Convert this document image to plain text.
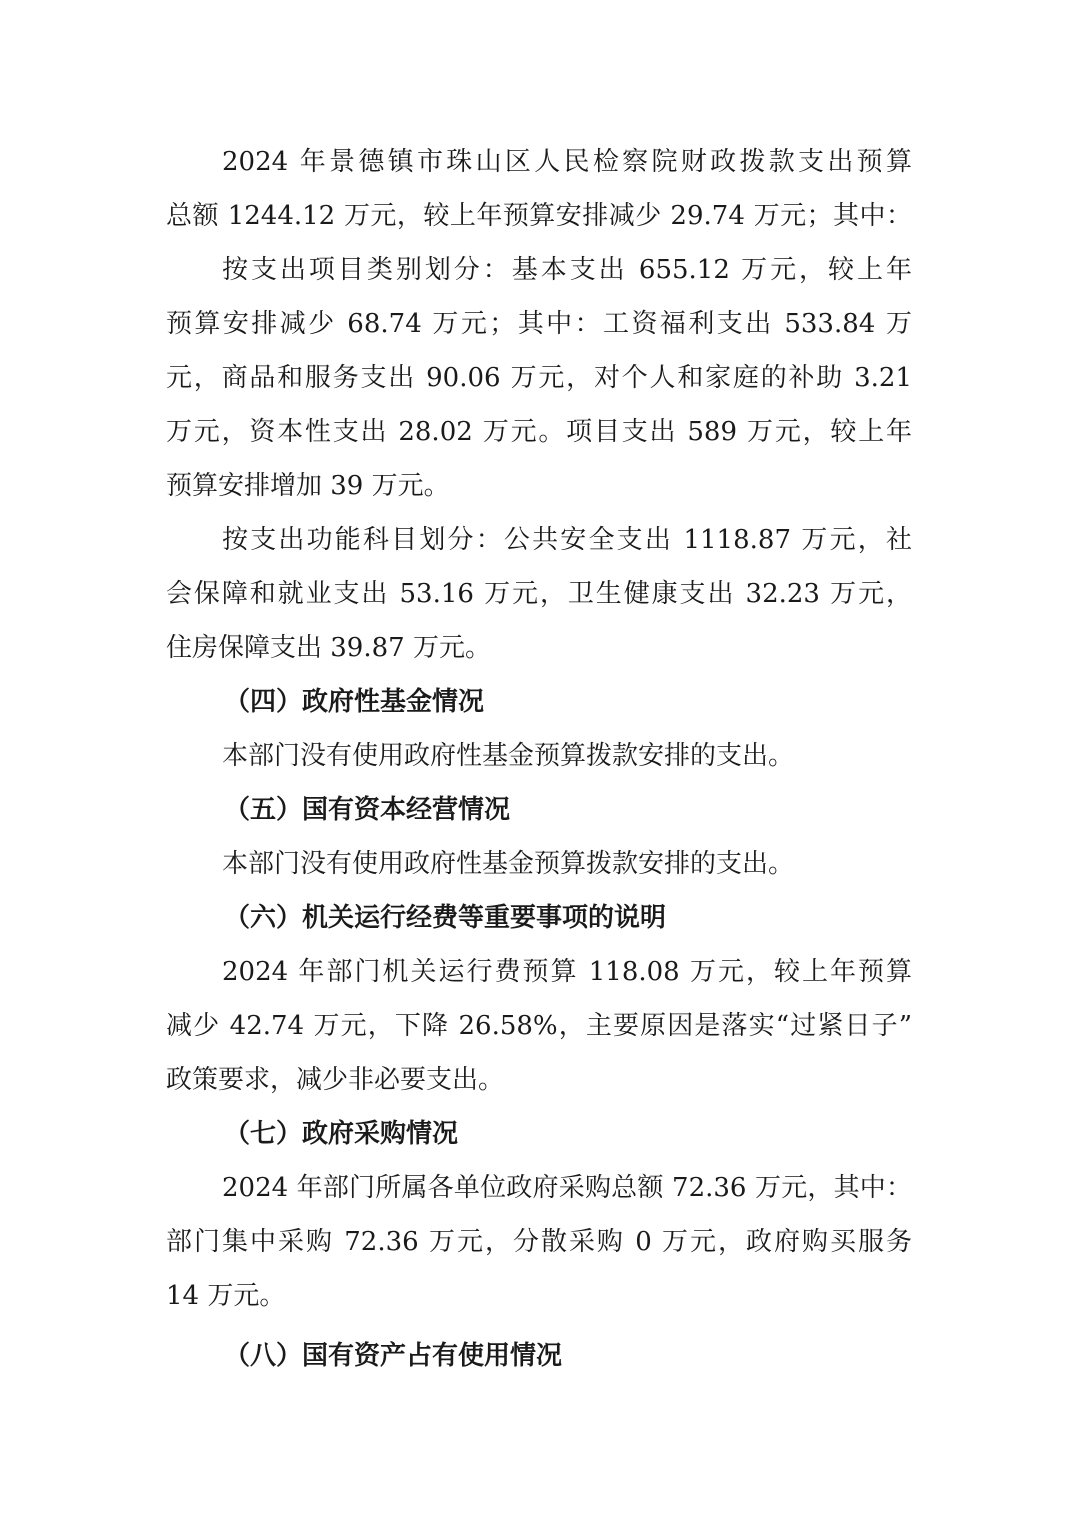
2024 年景德镇市珠山区人民检察院财政拨款支出预算
总额 1244.12 万元，较上年预算安排减少 29.74 万元；其中：
按支出项目类别划分：基本支出 655.12 万元，较上年
预算安排减少 68.74 万元；其中：工资福利支出 533.84 万
元，商品和服务支出 90.06 万元，对个人和家庭的补助 3.21
万元，资本性支出 28.02 万元。项目支出 589 万元，较上年
预算安排增加 39 万元。
按支出功能科目划分：公共安全支出 1118.87 万元，社
会保障和就业支出 53.16 万元，卫生健康支出 32.23 万元，
住房保障支出 39.87 万元。
（四）政府性基金情况
本部门没有使用政府性基金预算拨款安排的支出。
（五）国有资本经营情况
本部门没有使用政府性基金预算拨款安排的支出。
（六）机关运行经费等重要事项的说明
2024 年部门机关运行费预算 118.08 万元，较上年预算
减少 42.74 万元，下降 26.58%，主要原因是落实“过紧日子”
政策要求，减少非必要支出。
（七）政府采购情况
2024 年部门所属各单位政府采购总额 72.36 万元，其中：
部门集中采购 72.36 万元，分散采购 0 万元，政府购买服务
14 万元。
（八）国有资产占有使用情况
